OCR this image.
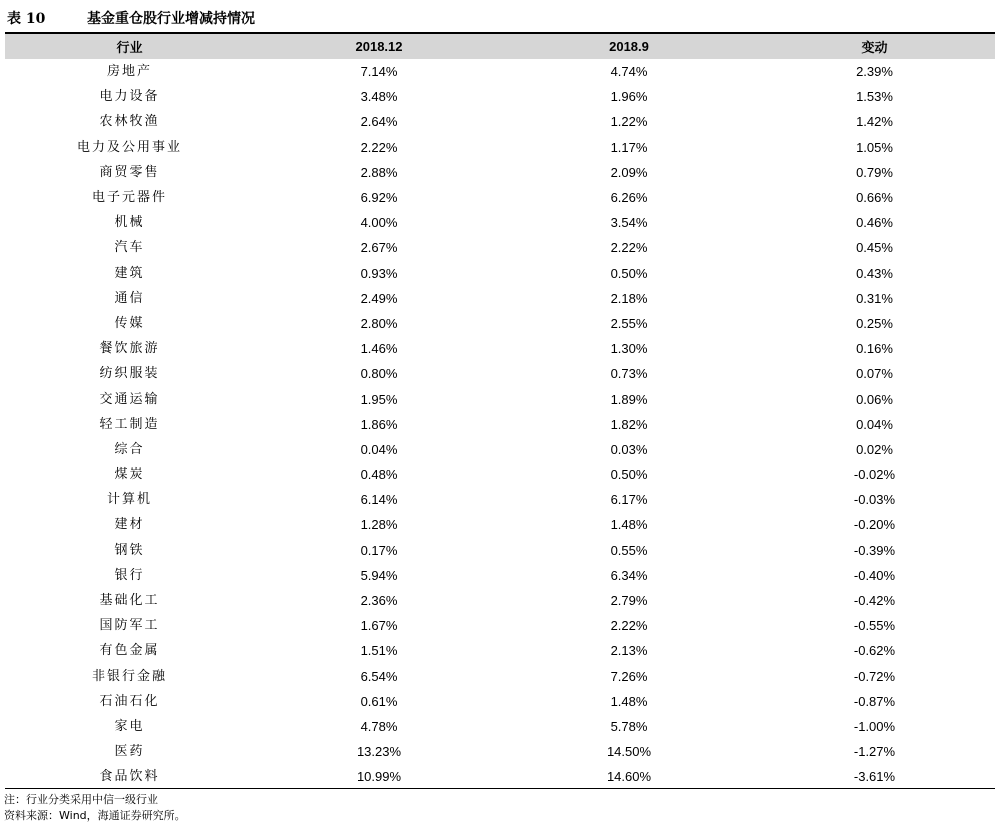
表 10	基金重仓股行业增减持情况
行业	2018.12	2018.9	变动
房地产	7.14%	4.74%	2.39%
电力设备	3.48%	1.96%	1.53%
农林牧渔	2.64%	1.22%	1.42%
电力及公用事业	2.22%	1.17%	1.05%
商贸零售	2.88%	2.09%	0.79%
电子元器件	6.92%	6.26%	0.66%
机械	4.00%	3.54%	0.46%
汽车	2.67%	2.22%	0.45%
建筑	0.93%	0.50%	0.43%
通信	2.49%	2.18%	0.31%
传媒	2.80%	2.55%	0.25%
餐饮旅游	1.46%	1.30%	0.16%
纺织服装	0.80%	0.73%	0.07%
交通运输	1.95%	1.89%	0.06%
轻工制造	1.86%	1.82%	0.04%
综合	0.04%	0.03%	0.02%
煤炭	0.48%	0.50%	-0.02%
计算机	6.14%	6.17%	-0.03%
建材	1.28%	1.48%	-0.20%
钢铁	0.17%	0.55%	-0.39%
银行	5.94%	6.34%	-0.40%
基础化工	2.36%	2.79%	-0.42%
国防军工	1.67%	2.22%	-0.55%
有色金属	1.51%	2.13%	-0.62%
非银行金融	6.54%	7.26%	-0.72%
石油石化	0.61%	1.48%	-0.87%
家电	4.78%	5.78%	-1.00%
医药	13.23%	14.50%	-1.27%
食品饮料	10.99%	14.60%	-3.61%
注：行业分类采用中信一级行业
资料来源：Wind，海通证券研究所。
